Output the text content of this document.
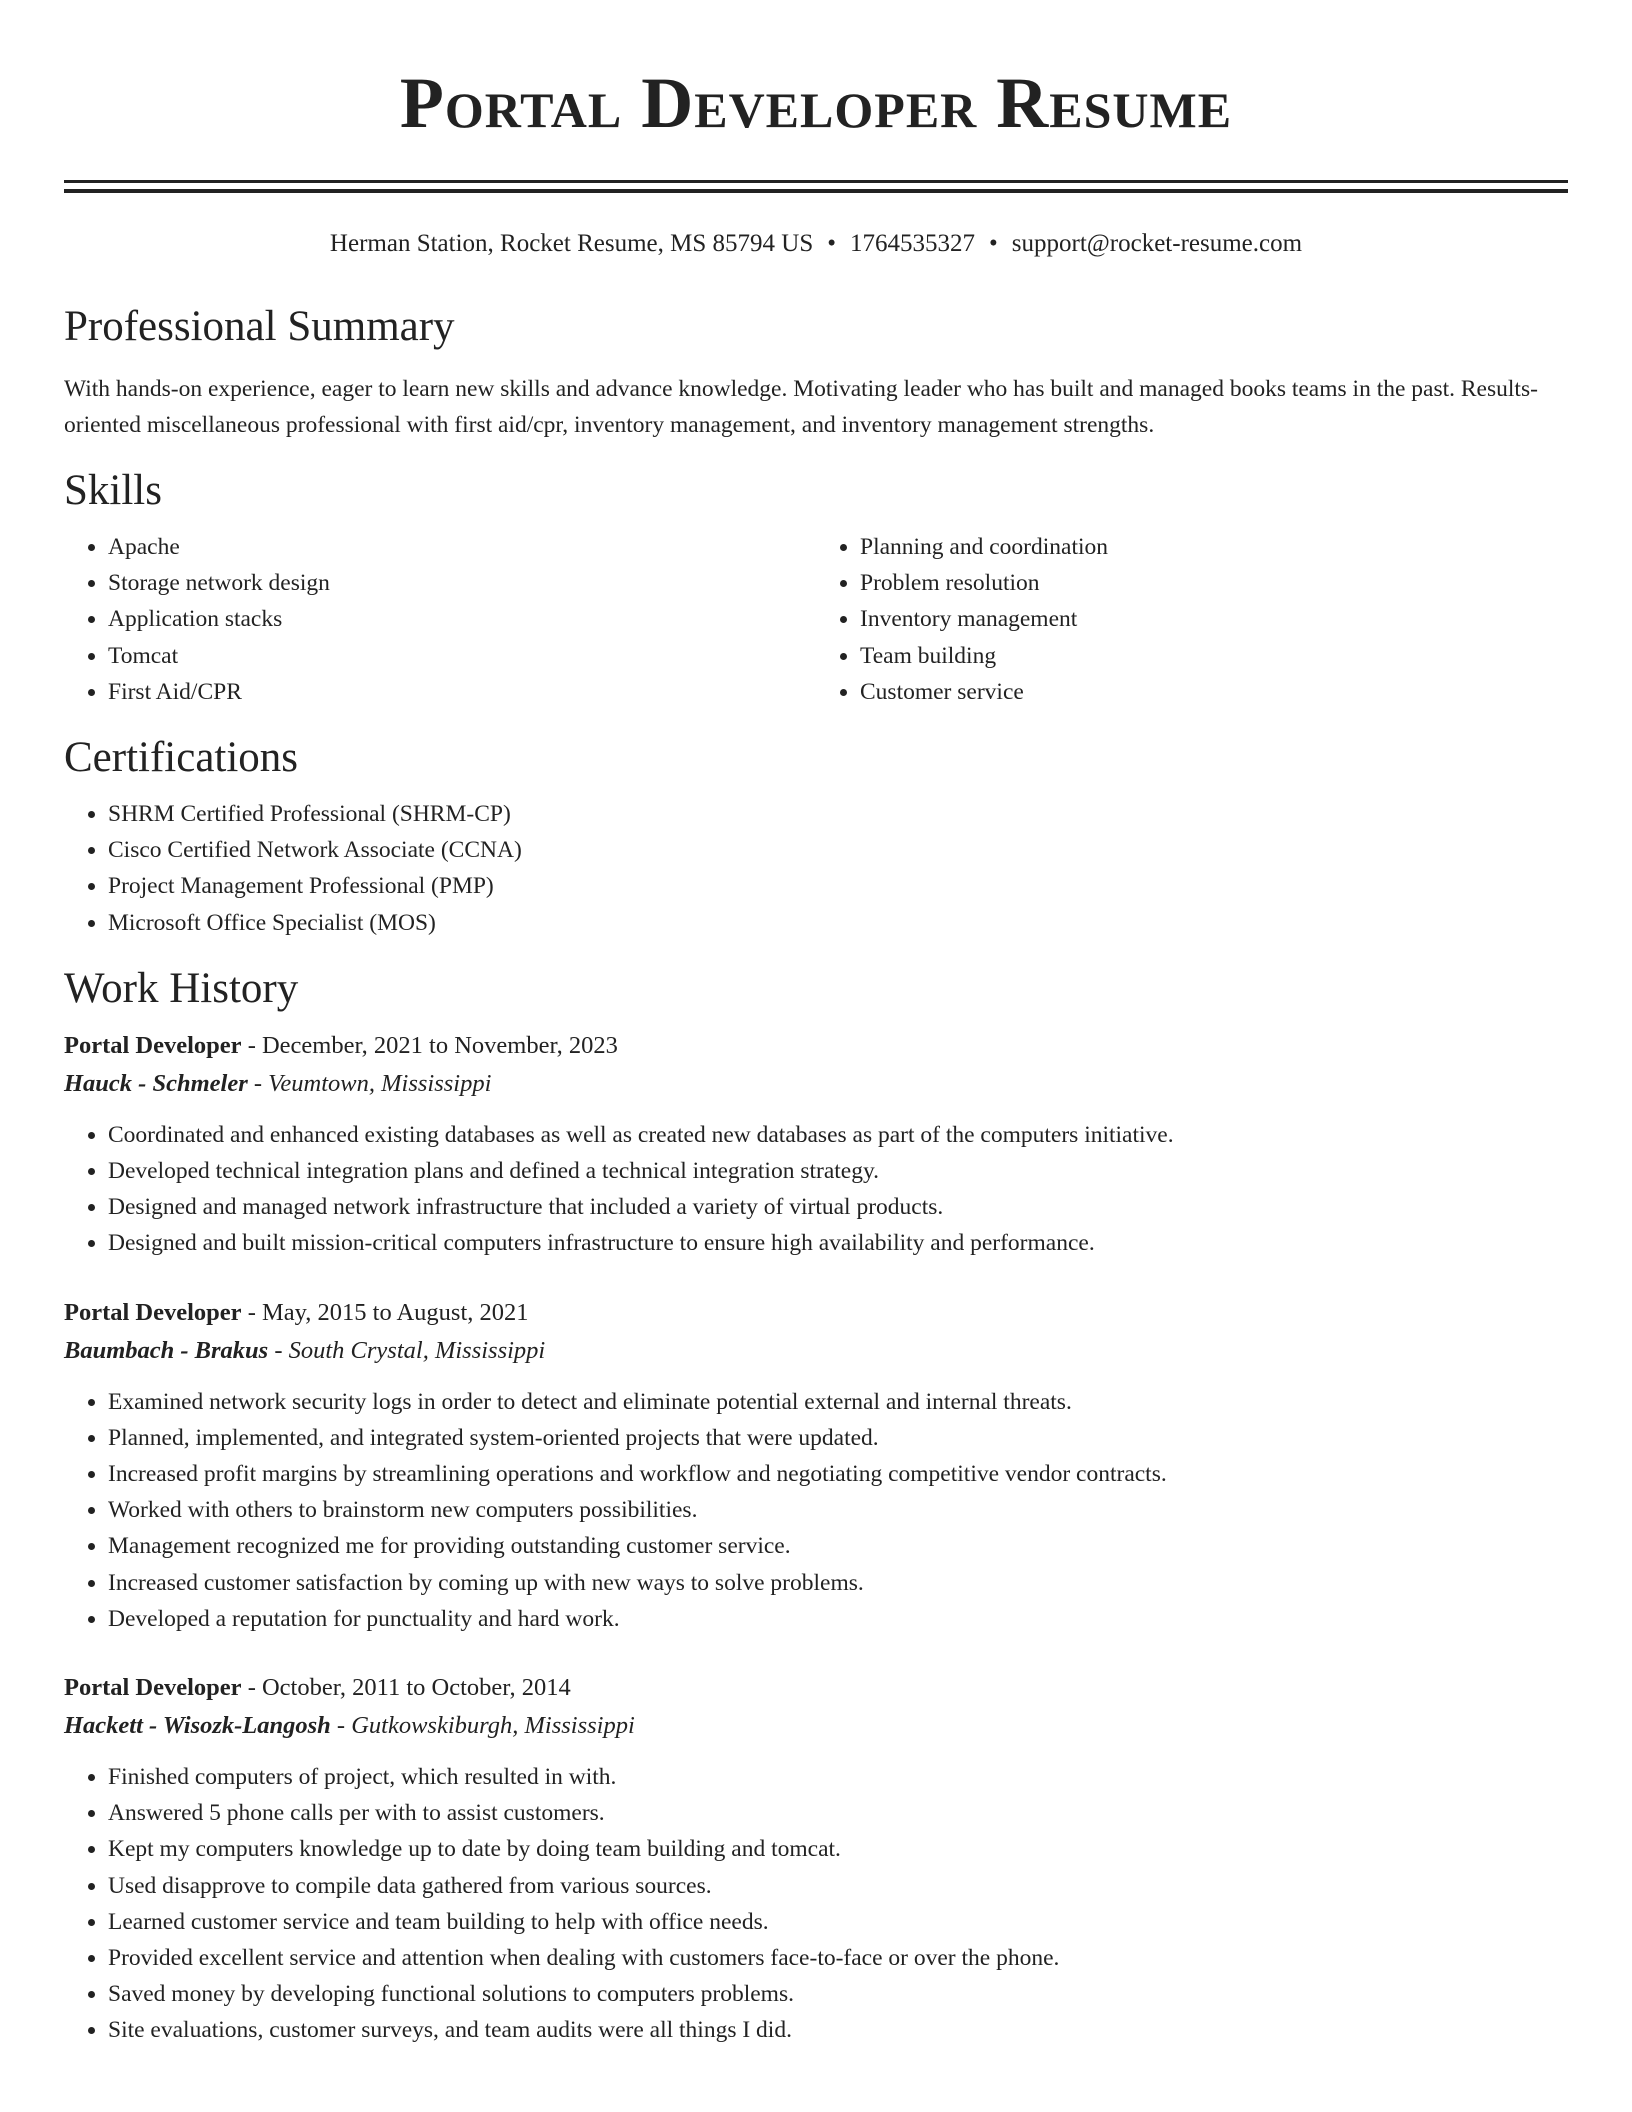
Portal Developer Resume
Herman Station, Rocket Resume, MS 85794 US • 1764535327 • support@rocket-resume.com
Professional Summary

With hands-on experience, eager to learn new skills and advance knowledge. Motivating leader who has built and managed books teams in the past. Results-oriented miscellaneous professional with first aid/cpr, inventory management, and inventory management strengths.

Skills
• Apache
• Storage network design
• Application stacks
• Tomcat
• First Aid/CPR
• Planning and coordination
• Problem resolution
• Inventory management
• Team building
• Customer service
Certifications
• SHRM Certified Professional (SHRM-CP)
• Cisco Certified Network Associate (CCNA)
• Project Management Professional (PMP)
• Microsoft Office Specialist (MOS)
Work History
Portal Developer - December, 2021 to November, 2023
Hauck - Schmeler - Veumtown, Mississippi
• Coordinated and enhanced existing databases as well as created new databases as part of the computers initiative.
• Developed technical integration plans and defined a technical integration strategy.
• Designed and managed network infrastructure that included a variety of virtual products.
• Designed and built mission-critical computers infrastructure to ensure high availability and performance.
Portal Developer - May, 2015 to August, 2021
Baumbach - Brakus - South Crystal, Mississippi
• Examined network security logs in order to detect and eliminate potential external and internal threats.
• Planned, implemented, and integrated system-oriented projects that were updated.
• Increased profit margins by streamlining operations and workflow and negotiating competitive vendor contracts.
• Worked with others to brainstorm new computers possibilities.
• Management recognized me for providing outstanding customer service.
• Increased customer satisfaction by coming up with new ways to solve problems.
• Developed a reputation for punctuality and hard work.
Portal Developer - October, 2011 to October, 2014
Hackett - Wisozk-Langosh - Gutkowskiburgh, Mississippi
• Finished computers of project, which resulted in with.
• Answered 5 phone calls per with to assist customers.
• Kept my computers knowledge up to date by doing team building and tomcat.
• Used disapprove to compile data gathered from various sources.
• Learned customer service and team building to help with office needs.
• Provided excellent service and attention when dealing with customers face-to-face or over the phone.
• Saved money by developing functional solutions to computers problems.
• Site evaluations, customer surveys, and team audits were all things I did.
